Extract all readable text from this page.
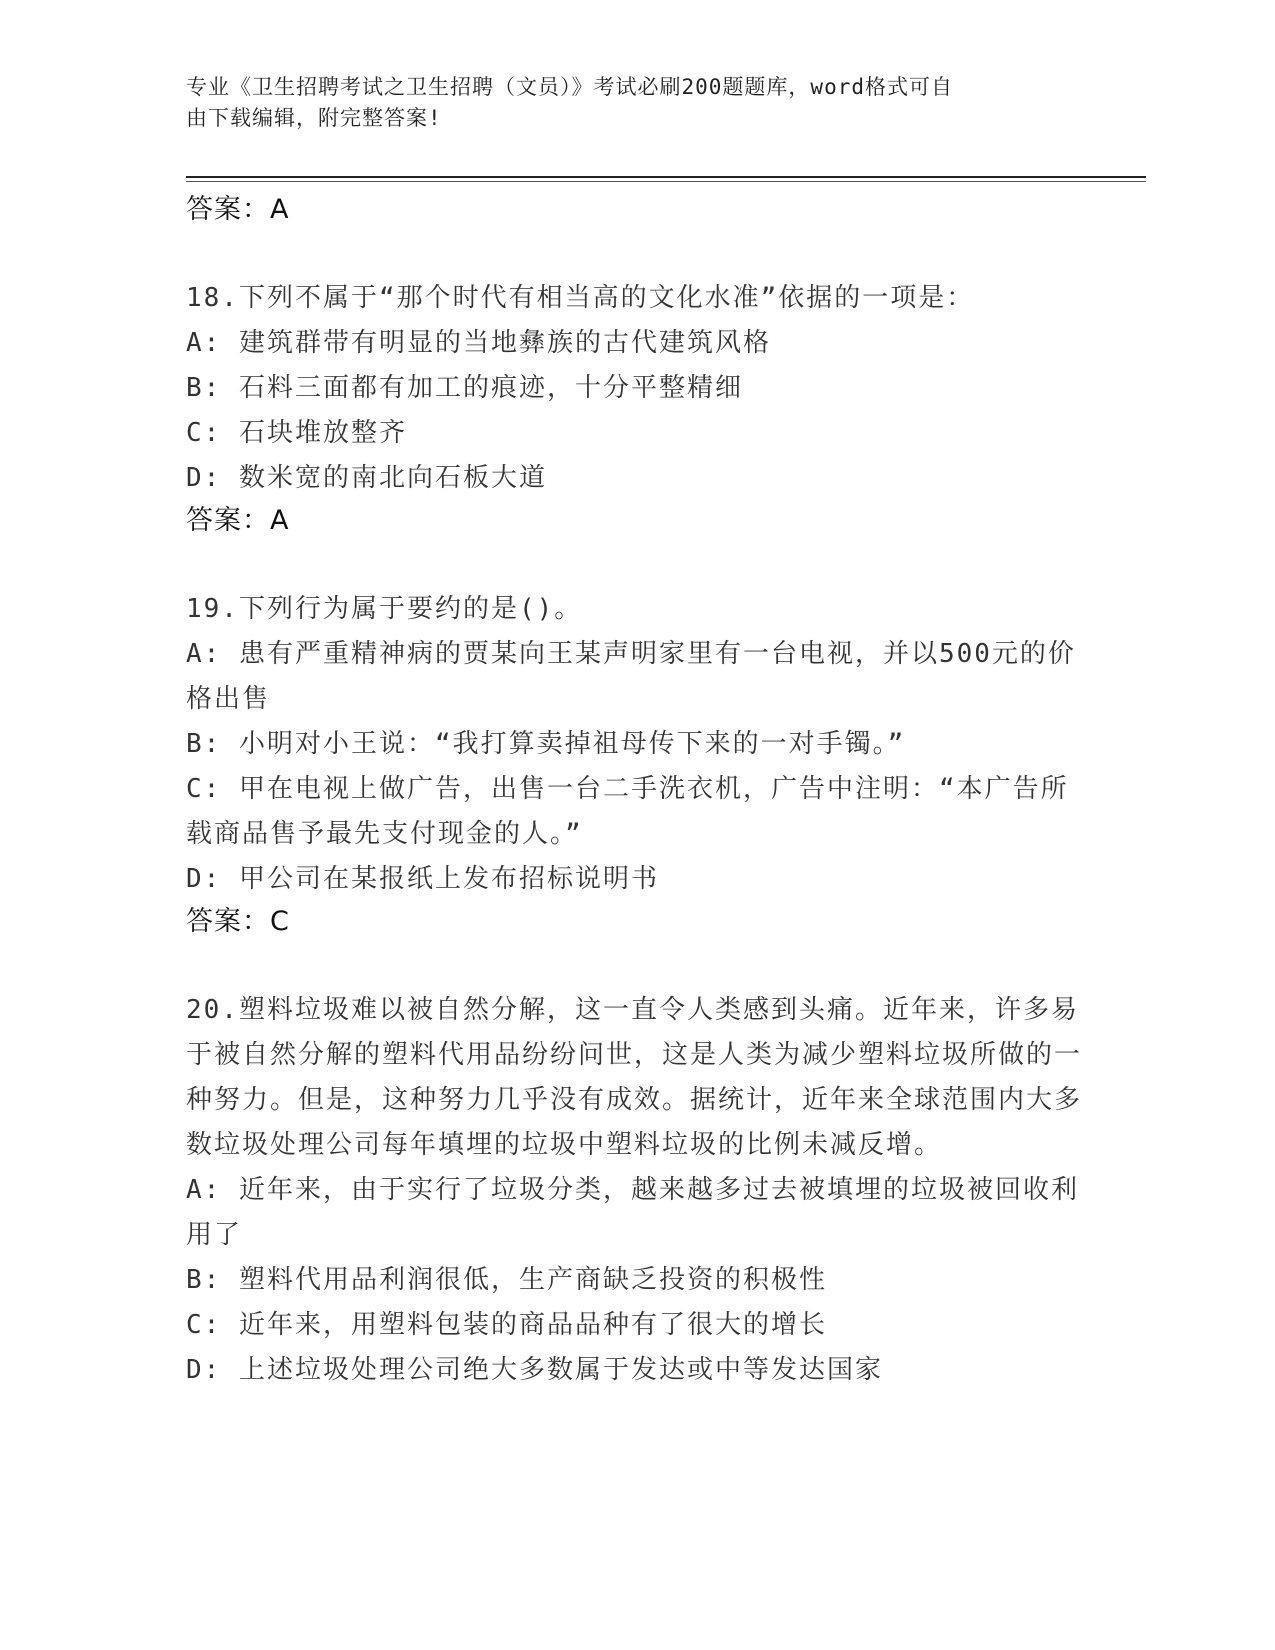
专业《卫生招聘考试之卫生招聘（文员）》考试必刷200题题库，word格式可自
由下载编辑，附完整答案!

答案：A

18.下列不属于“那个时代有相当高的文化水准”依据的一项是：

A: 建筑群带有明显的当地彝族的古代建筑风格

B: 石料三面都有加工的痕迹，十分平整精细

C: 石块堆放整齐

D: 数米宽的南北向石板大道

答案：A

19.下列行为属于要约的是()。

A: 患有严重精神病的贾某向王某声明家里有一台电视，并以500元的价格出售

B: 小明对小王说：“我打算卖掉祖母传下来的一对手镯。”

C: 甲在电视上做广告，出售一台二手洗衣机，广告中注明：“本广告所载商品售予最先支付现金的人。”

D: 甲公司在某报纸上发布招标说明书

答案：C

20.塑料垃圾难以被自然分解，这一直令人类感到头痛。近年来，许多易于被自然分解的塑料代用品纷纷问世，这是人类为减少塑料垃圾所做的一种努力。但是，这种努力几乎没有成效。据统计，近年来全球范围内大多数垃圾处理公司每年填埋的垃圾中塑料垃圾的比例未减反增。

A: 近年来，由于实行了垃圾分类，越来越多过去被填埋的垃圾被回收利用了

B: 塑料代用品利润很低，生产商缺乏投资的积极性

C: 近年来，用塑料包装的商品品种有了很大的增长

D: 上述垃圾处理公司绝大多数属于发达或中等发达国家
